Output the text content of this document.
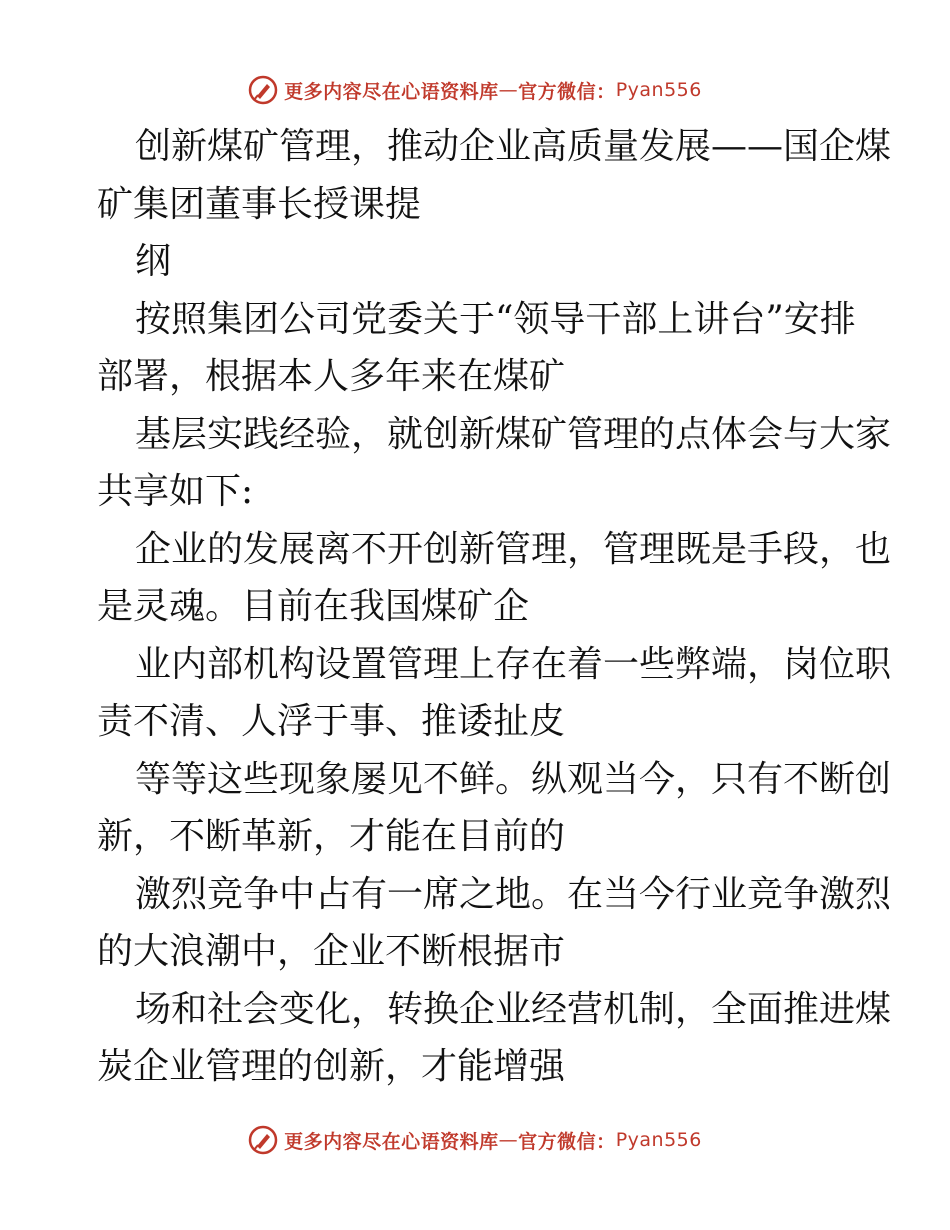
更多内容尽在心语资料库 — 官方微信： Pyan556
创新煤矿管理，推动企业高质量发展——国企煤
矿集团董事长授课提
纲
按照集团公司党委关于“领导干部上讲台”安排
部署，根据本人多年来在煤矿
基层实践经验，就创新煤矿管理的点体会与大家
共享如下:
企业的发展离不开创新管理，管理既是手段，也
是灵魂。目前在我国煤矿企
业内部机构设置管理上存在着一些弊端，岗位职
责不清、人浮于事、推诿扯皮
等等这些现象屡见不鲜。纵观当今，只有不断创
新，不断革新，才能在目前的
激烈竞争中占有一席之地。在当今行业竞争激烈
的大浪潮中，企业不断根据市
场和社会变化，转换企业经营机制，全面推进煤
炭企业管理的创新，才能增强
更多内容尽在心语资料库 — 官方微信： Pyan556
